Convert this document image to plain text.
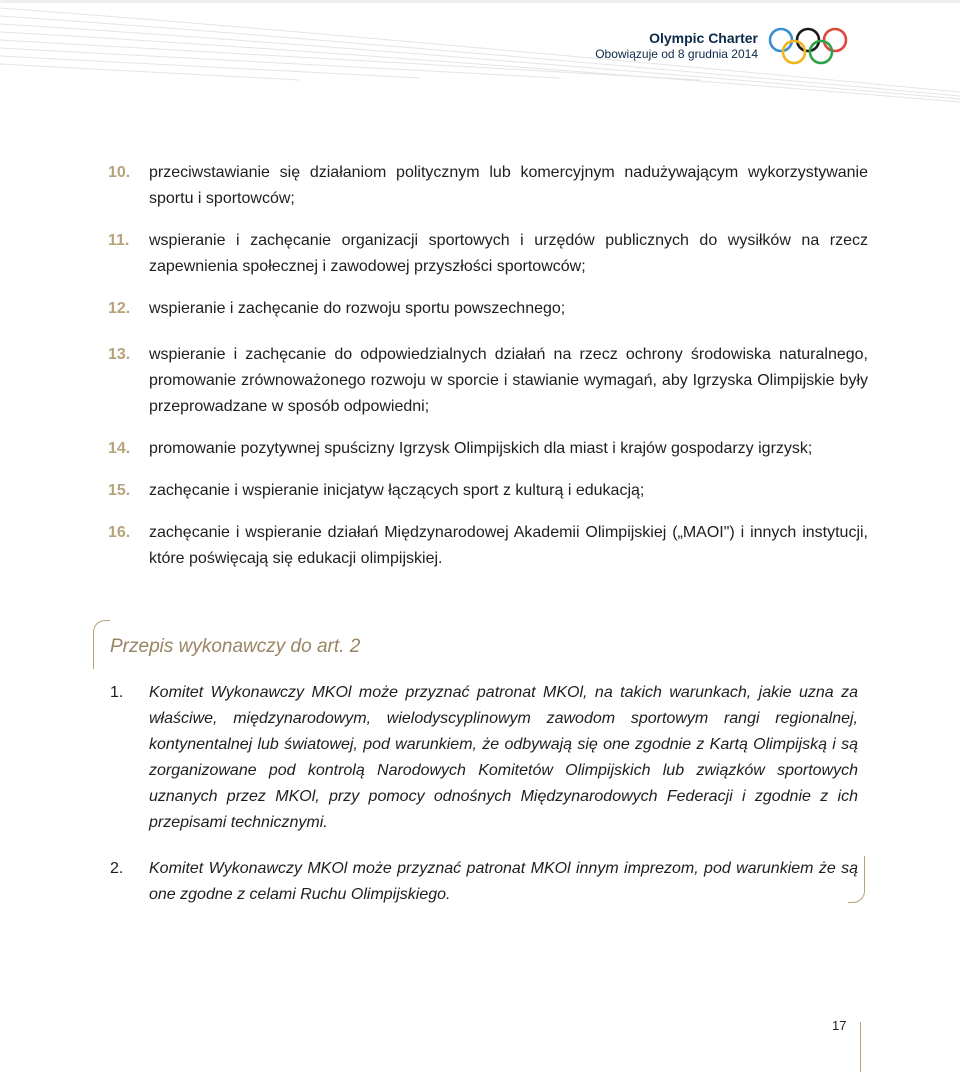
Olympic Charter
Obowiązuje od 8 grudnia 2014
10. przeciwstawianie się działaniom politycznym lub komercyjnym nadużywającym wykorzystywanie sportu i sportowców;
11. wspieranie i zachęcanie organizacji sportowych i urzędów publicznych do wysiłków na rzecz zapewnienia społecznej i zawodowej przyszłości sportowców;
12. wspieranie i zachęcanie do rozwoju sportu powszechnego;
13. wspieranie i zachęcanie do odpowiedzialnych działań na rzecz ochrony środowiska naturalnego, promowanie zrównoważonego rozwoju w sporcie i stawianie wymagań, aby Igrzyska Olimpijskie były przeprowadzane w sposób odpowiedni;
14. promowanie pozytywnej spuścizny Igrzysk Olimpijskich dla miast i krajów gospodarzy igrzysk;
15. zachęcanie i wspieranie inicjatyw łączących sport z kulturą i edukacją;
16. zachęcanie i wspieranie działań Międzynarodowej Akademii Olimpijskiej („MAOI") i innych instytucji, które poświęcają się edukacji olimpijskiej.
Przepis wykonawczy do art. 2
1. Komitet Wykonawczy MKOl może przyznać patronat MKOl, na takich warunkach, jakie uzna za właściwe, międzynarodowym, wielodyscyplinowym zawodom sportowym rangi regionalnej, kontynentalnej lub światowej, pod warunkiem, że odbywają się one zgodnie z Kartą Olimpijską i są zorganizowane pod kontrolą Narodowych Komitetów Olimpijskich lub związków sportowych uznanych przez MKOl, przy pomocy odnośnych Międzynarodowych Federacji i zgodnie z ich przepisami technicznymi.
2. Komitet Wykonawczy MKOl może przyznać patronat MKOl innym imprezom, pod warunkiem że są one zgodne z celami Ruchu Olimpijskiego.
17
